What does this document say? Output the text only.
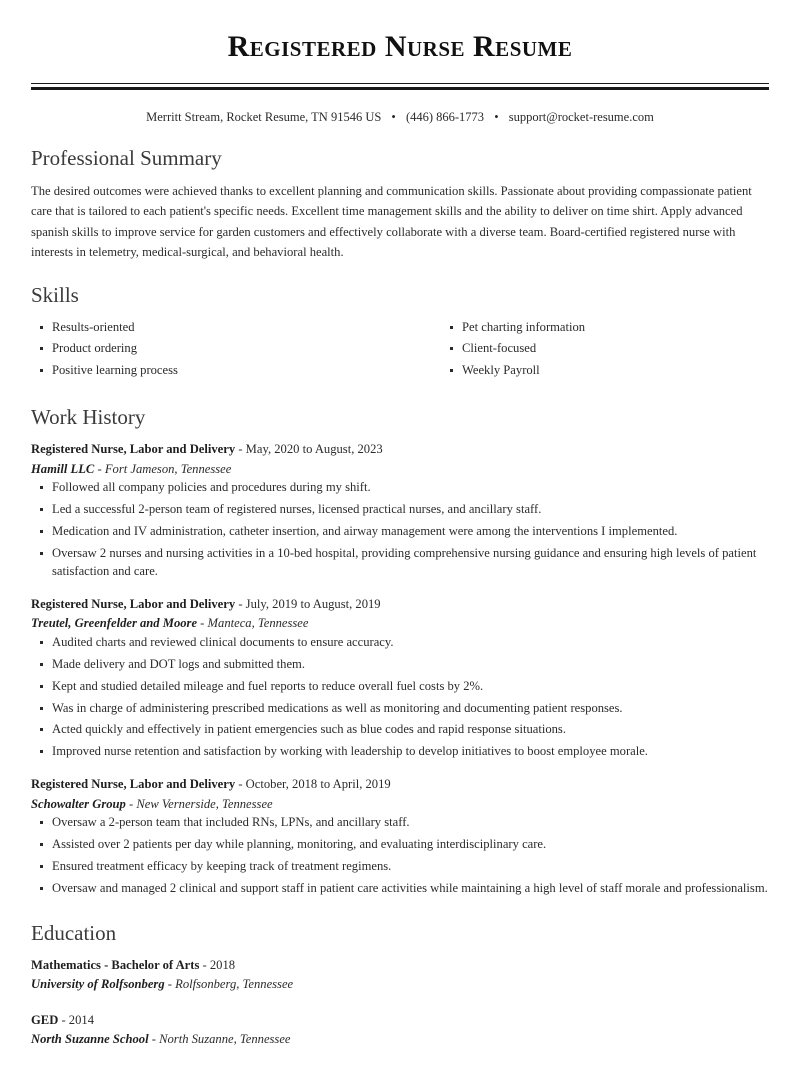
Registered Nurse Resume
Merritt Stream, Rocket Resume, TN 91546 US • (446) 866-1773 • support@rocket-resume.com
Professional Summary

The desired outcomes were achieved thanks to excellent planning and communication skills. Passionate about providing compassionate patient care that is tailored to each patient's specific needs. Excellent time management skills and the ability to deliver on time shirt. Apply advanced spanish skills to improve service for garden customers and effectively collaborate with a diverse team. Board-certified registered nurse with interests in telemetry, medical-surgical, and behavioral health.

Skills
Results-oriented
Product ordering
Positive learning process
Pet charting information
Client-focused
Weekly Payroll
Work History
Registered Nurse, Labor and Delivery - May, 2020 to August, 2023
Hamill LLC - Fort Jameson, Tennessee
Followed all company policies and procedures during my shift.
Led a successful 2-person team of registered nurses, licensed practical nurses, and ancillary staff.
Medication and IV administration, catheter insertion, and airway management were among the interventions I implemented.
Oversaw 2 nurses and nursing activities in a 10-bed hospital, providing comprehensive nursing guidance and ensuring high levels of patient satisfaction and care.
Registered Nurse, Labor and Delivery - July, 2019 to August, 2019
Treutel, Greenfelder and Moore - Manteca, Tennessee
Audited charts and reviewed clinical documents to ensure accuracy.
Made delivery and DOT logs and submitted them.
Kept and studied detailed mileage and fuel reports to reduce overall fuel costs by 2%.
Was in charge of administering prescribed medications as well as monitoring and documenting patient responses.
Acted quickly and effectively in patient emergencies such as blue codes and rapid response situations.
Improved nurse retention and satisfaction by working with leadership to develop initiatives to boost employee morale.
Registered Nurse, Labor and Delivery - October, 2018 to April, 2019
Schowalter Group - New Vernerside, Tennessee
Oversaw a 2-person team that included RNs, LPNs, and ancillary staff.
Assisted over 2 patients per day while planning, monitoring, and evaluating interdisciplinary care.
Ensured treatment efficacy by keeping track of treatment regimens.
Oversaw and managed 2 clinical and support staff in patient care activities while maintaining a high level of staff morale and professionalism.
Education
Mathematics - Bachelor of Arts - 2018
University of Rolfsonberg - Rolfsonberg, Tennessee
GED - 2014
North Suzanne School - North Suzanne, Tennessee
